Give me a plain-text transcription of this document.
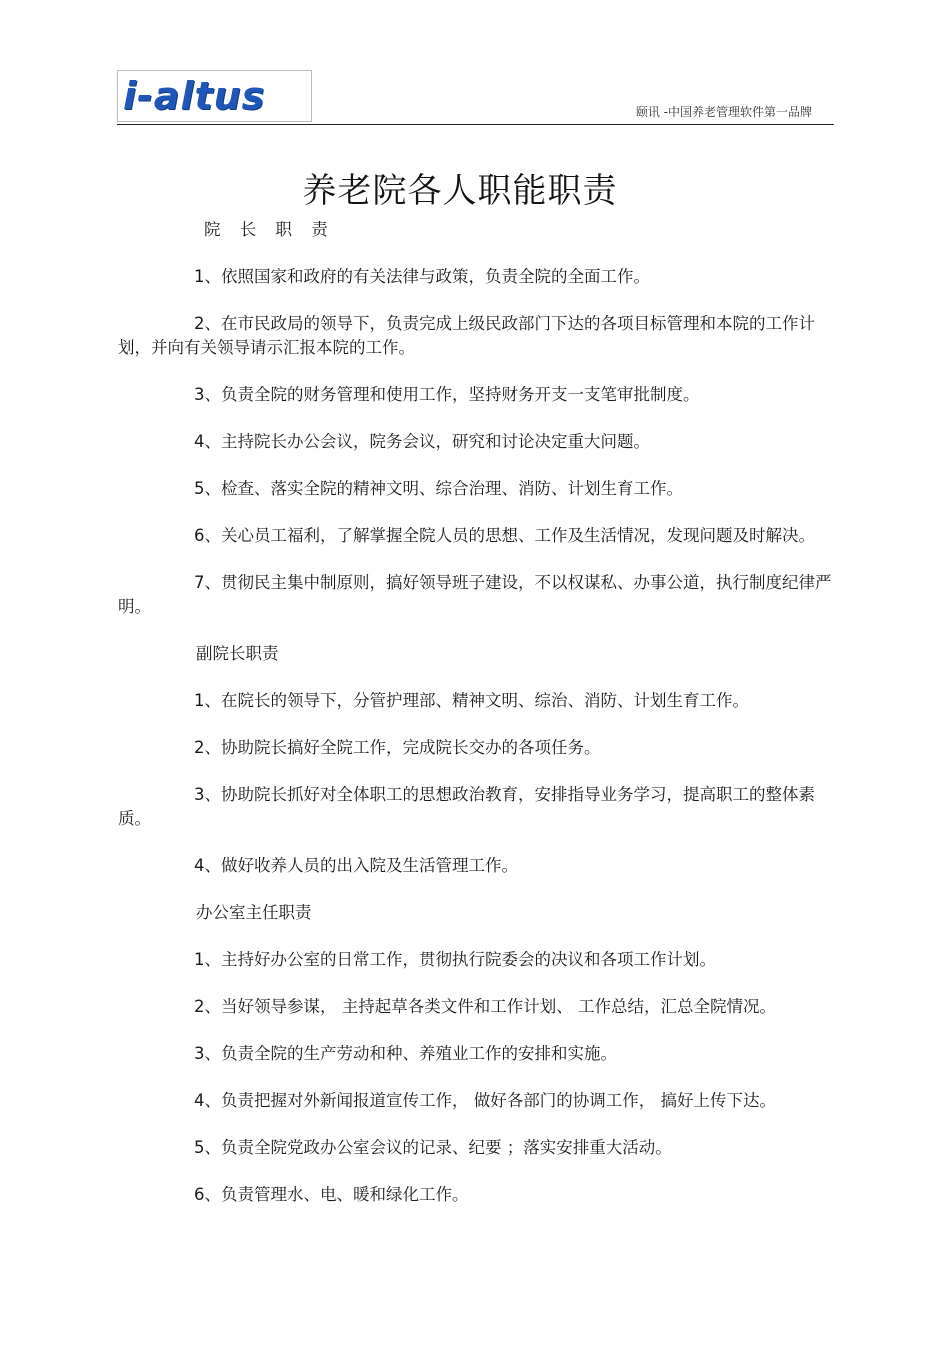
i-altus	颐讯 -中国养老管理软件第一品牌
养老院各人职能职责

院 长 职 责

1、依照国家和政府的有关法律与政策，负责全院的全面工作。

2、在市民政局的领导下，负责完成上级民政部门下达的各项目标管理和本院的工作计划，并向有关领导请示汇报本院的工作。

3、负责全院的财务管理和使用工作，坚持财务开支一支笔审批制度。

4、主持院长办公会议，院务会议，研究和讨论决定重大问题。

5、检查、落实全院的精神文明、综合治理、消防、计划生育工作。

6、关心员工福利，了解掌握全院人员的思想、工作及生活情况，发现问题及时解决。

7、贯彻民主集中制原则，搞好领导班子建设，不以权谋私、办事公道，执行制度纪律严明。

副院长职责

1、在院长的领导下，分管护理部、精神文明、综治、消防、计划生育工作。

2、协助院长搞好全院工作，完成院长交办的各项任务。

3、协助院长抓好对全体职工的思想政治教育，安排指导业务学习，提高职工的整体素质。

4、做好收养人员的出入院及生活管理工作。

办公室主任职责

1、主持好办公室的日常工作，贯彻执行院委会的决议和各项工作计划。

2、当好领导参谋， 主持起草各类文件和工作计划、 工作总结，汇总全院情况。

3、负责全院的生产劳动和种、养殖业工作的安排和实施。

4、负责把握对外新闻报道宣传工作， 做好各部门的协调工作， 搞好上传下达。

5、负责全院党政办公室会议的记录、纪要 ；落实安排重大活动。

6、负责管理水、电、暖和绿化工作。
